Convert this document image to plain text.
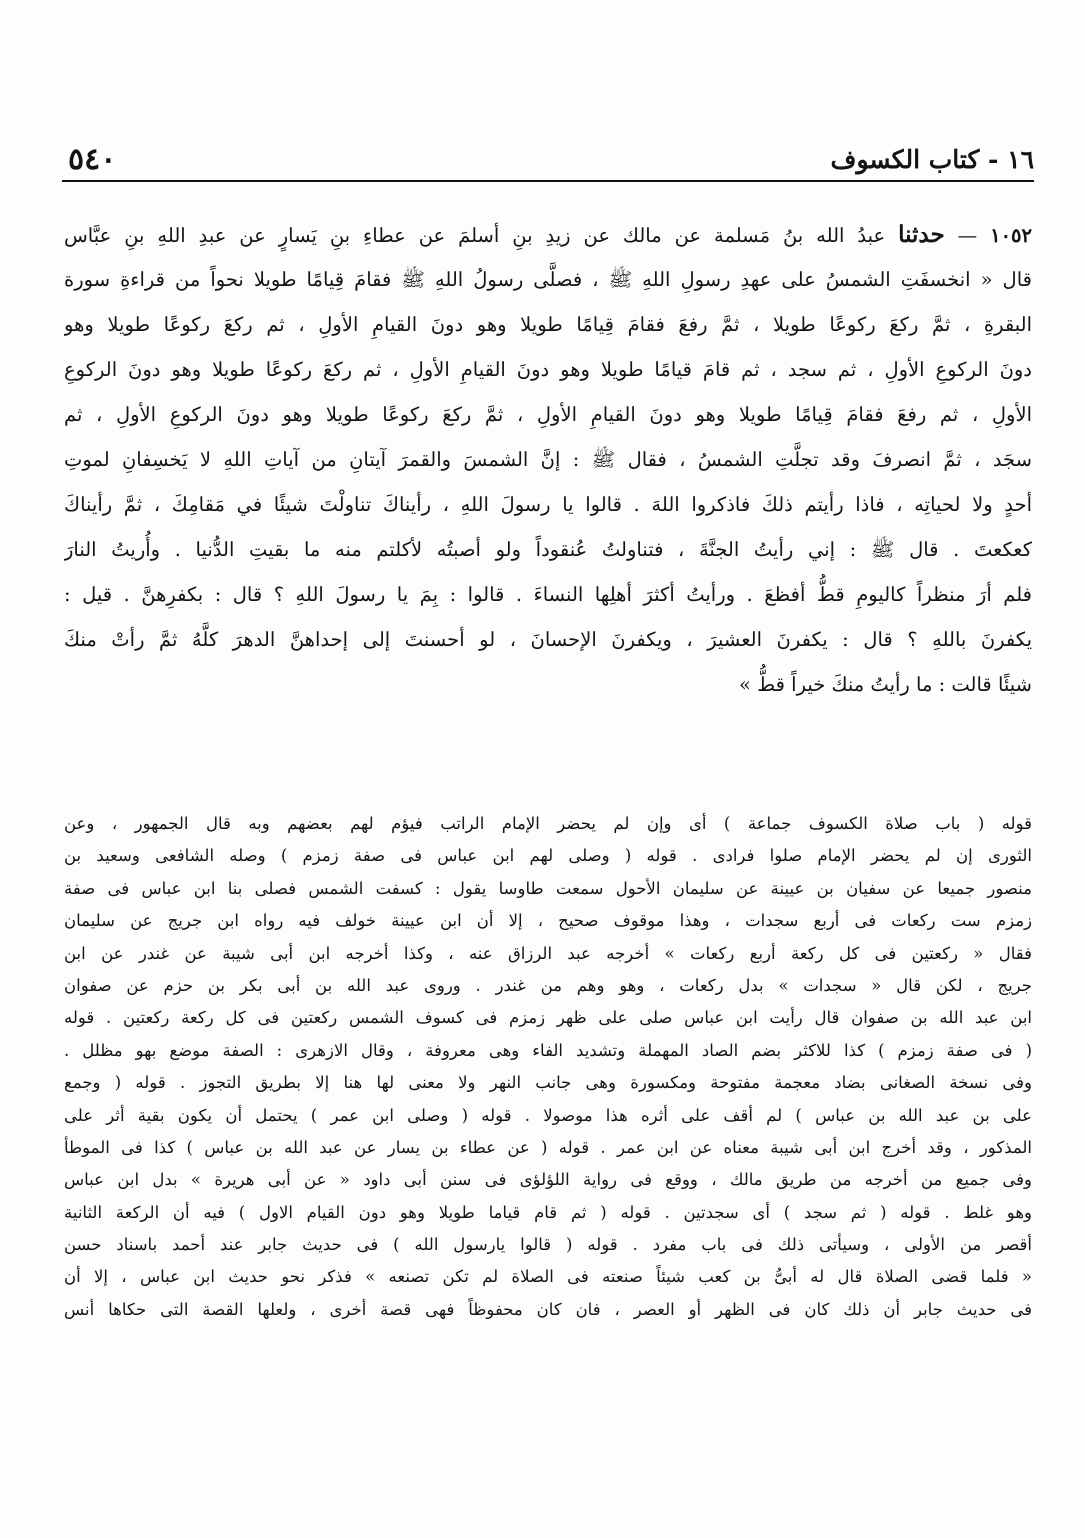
١٦ - كتاب الكسوف
٥٤٠
١٠٥٢ — حدثنا عبدُ الله بنُ مَسلمة عن مالك عن زيدِ بنِ أسلمَ عن عطاءِ بنِ يَسارٍ عن عبدِ اللهِ بنِ عبَّاس
قال « انخسفَتِ الشمسُ على عهدِ رسولِ اللهِ ﷺ ، فصلَّى رسولُ اللهِ ﷺ فقامَ قِيامًا طويلا نحواً من قراءةِ سورة
البقرةِ ، ثمَّ ركعَ ركوعًا طويلا ، ثمَّ رفعَ فقامَ قِيامًا طويلا وهو دونَ القيامِ الأولِ ، ثم ركعَ ركوعًا طويلا وهو
دونَ الركوعِ الأولِ ، ثم سجد ، ثم قامَ قيامًا طويلا وهو دونَ القيامِ الأولِ ، ثم ركعَ ركوعًا طويلا وهو دونَ الركوعِ
الأولِ ، ثم رفعَ فقامَ قِيامًا طويلا وهو دونَ القيامِ الأولِ ، ثمَّ ركعَ ركوعًا طويلا وهو دونَ الركوعِ الأولِ ، ثم
سجَد ، ثمَّ انصرفَ وقد تجلَّتِ الشمسُ ، فقال ﷺ : إنَّ الشمسَ والقمرَ آيتانِ من آياتِ اللهِ لا يَخسِفانِ لموتِ
أحدٍ ولا لحياتِه ، فاذا رأيتم ذلكَ فاذكروا اللهَ . قالوا يا رسولَ اللهِ ، رأيناكَ تناولْتَ شيئًا في مَقامِكَ ، ثمَّ رأيناكَ
كعكعتَ . قال ﷺ : إني رأيتُ الجنَّةَ ، فتناولتُ عُنقوداً ولو أصبتُه لأكلتم منه ما بقيتِ الدُّنيا . وأُريتُ النارَ
فلم أرَ منظراً كاليومِ قطُّ أفظعَ . ورأيتُ أكثرَ أهلِها النساءَ . قالوا : بِمَ يا رسولَ اللهِ ؟ قال : بكفرِهنَّ . قيل :
يكفرنَ باللهِ ؟ قال : يكفرنَ العشيرَ ، ويكفرنَ الإحسانَ ، لو أحسنتَ إلى إحداهنَّ الدهرَ كلَّهُ ثمَّ رأتْ منكَ
شيئًا قالت : ما رأيتُ منكَ خيراً قطُّ »
قوله ( باب صلاة الكسوف جماعة ) أى وإن لم يحضر الإمام الراتب فيؤم لهم بعضهم وبه قال الجمهور ، وعن
الثورى إن لم يحضر الإمام صلوا فرادى . قوله ( وصلى لهم ابن عباس فى صفة زمزم ) وصله الشافعى وسعيد بن
منصور جميعا عن سفيان بن عيينة عن سليمان الأحول سمعت طاوسا يقول : كسفت الشمس فصلى بنا ابن عباس فى صفة
زمزم ست ركعات فى أربع سجدات ، وهذا موقوف صحيح ، إلا أن ابن عيينة خولف فيه رواه ابن جريج عن سليمان
فقال « ركعتين فى كل ركعة أربع ركعات » أخرجه عبد الرزاق عنه ، وكذا أخرجه ابن أبى شيبة عن غندر عن ابن
جريج ، لكن قال « سجدات » بدل ركعات ، وهو وهم من غندر . وروى عبد الله بن أبى بكر بن حزم عن صفوان
ابن عبد الله بن صفوان قال رأيت ابن عباس صلى على ظهر زمزم فى كسوف الشمس ركعتين فى كل ركعة ركعتين . قوله
( فى صفة زمزم ) كذا للاكثر بضم الصاد المهملة وتشديد الفاء وهى معروفة ، وقال الازهرى : الصفة موضع بهو مظلل .
وفى نسخة الصغانى بضاد معجمة مفتوحة ومكسورة وهى جانب النهر ولا معنى لها هنا إلا بطريق التجوز . قوله ( وجمع
على بن عبد الله بن عباس ) لم أقف على أثره هذا موصولا . قوله ( وصلى ابن عمر ) يحتمل أن يكون بقية أثر على
المذكور ، وقد أخرج ابن أبى شيبة معناه عن ابن عمر . قوله ( عن عطاء بن يسار عن عبد الله بن عباس ) كذا فى الموطأ
وفى جميع من أخرجه من طريق مالك ، ووقع فى رواية اللؤلؤى فى سنن أبى داود « عن أبى هريرة » بدل ابن عباس
وهو غلط . قوله ( ثم سجد ) أى سجدتين . قوله ( ثم قام قياما طويلا وهو دون القيام الاول ) فيه أن الركعة الثانية
أقصر من الأولى ، وسيأتى ذلك فى باب مفرد . قوله ( قالوا يارسول الله ) فى حديث جابر عند أحمد باسناد حسن
« فلما قضى الصلاة قال له أبىُّ بن كعب شيئاً صنعته فى الصلاة لم تكن تصنعه » فذكر نحو حديث ابن عباس ، إلا أن
فى حديث جابر أن ذلك كان فى الظهر أو العصر ، فان كان محفوظاً فهى قصة أخرى ، ولعلها القصة التى حكاها أنس
